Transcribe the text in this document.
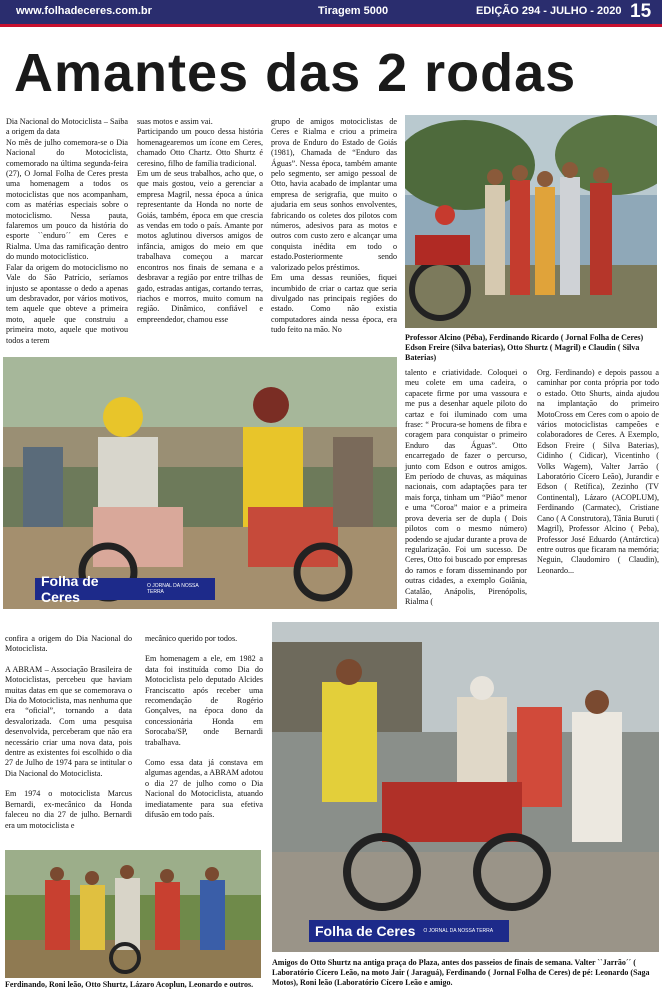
www.folhadeceres.com.br	Tiragem 5000	EDIÇÃO 294 - JULHO - 2020 15
Amantes das 2 rodas

Dia Nacional do Motociclista – Saiba a origem da data

No mês de julho comemora-se o Dia Nacional do Motociclista, comemorado na última segunda-feira (27), O Jornal Folha de Ceres presta uma homenagem a todos os motociclistas que nos acompanham, com as matérias especiais sobre o motociclismo. Nessa pauta, falaremos um pouco da história do esporte ``enduro´´ em Ceres e Rialma. Uma das ramificação dentro do mundo motociclístico.

Falar da origem do motociclismo no Vale do São Patrício, seríamos injusto se apontasse o dedo a apenas um desbravador, por vários motivos, tem aquele que obteve a primeira moto, aquele que construiu a primeira moto, aquele que motivou todos a terem

suas motos e assim vai.

Participando um pouco dessa história homenagearemos um ícone em Ceres, chamado Otto Chartz. Otto Shurtz é ceresino, filho de família tradicional.

Em um de seus trabalhos, acho que, o que mais gostou, veio a gerenciar a empresa Magril, nessa época a única representante da Honda no norte de Goiás, também, época em que crescia as vendas em todo o país. Amante por motos aglutinou diversos amigos de infância, amigos do meio em que trabalhava começou a marcar encontros nos finais de semana e a desbravar a região por entre trilhas de gado, estradas antigas, cortando terras, riachos e morros, muito comum na região. Dinâmico, confiável e empreendedor, chamou esse

grupo de amigos motociclistas de Ceres e Rialma e criou a primeira prova de Enduro do Estado de Goiás (1981), Chamada de “Enduro das Águas”. Nessa época, também amante pelo segmento, ser amigo pessoal de Otto, havia acabado de implantar uma empresa de serigrafia, que muito o ajudaria em seus sonhos envolventes, fabricando os coletes dos pilotos com números, adesivos para as motos e outros com custo zero e alcançar uma conquista inédita em todo o estado.Posteriormente sendo valorizado pelos préstimos.

Em uma dessas reuniões, fiquei incumbido de criar o cartaz que seria divulgado nas principais regiões do estado. Como não existia computadores ainda nessa época, era tudo feito na mão. No

Professor Alcino (Péba), Ferdinando Ricardo ( Jornal Folha de Ceres) Edson Freire (Silva baterias), Otto Shurtz ( Magril) e Claudin ( Silva Baterias)
Folha de Ceres
O JORNAL DA NOSSA TERRA

talento e criatividade. Coloquei o meu colete em uma cadeira, o capacete firme por uma vassoura e me pus a desenhar aquele piloto do cartaz e foi iluminado com uma frase: “ Procura-se homens de fibra e coragem para conquistar o primeiro Enduro das Águas”. Otto encarregado de fazer o percurso, junto com Edson e outros amigos. Em período de chuvas, as máquinas nacionais, com adaptações para ter mais força, tinham um “Pião” menor e uma “Coroa” maior e a primeira prova deveria ser de dupla ( Dois pilotos com o mesmo número) podendo se ajudar durante a prova de regularização. Foi um sucesso. De Ceres, Otto foi buscado por empresas do ramos e foram disseminando por outras cidades, a exemplo Goiânia, Catalão, Anápolis, Pirenópolis, Rialma (

Org. Ferdinando) e depois passou a caminhar por conta própria por todo o estado. Otto Shurts, ainda ajudou na implantação do primeiro MotoCross em Ceres com o apoio de vários motociclistas campeões e colaboradores de Ceres. A Exemplo, Edson Freire ( Silva Baterias), Cidinho ( Cidicar), Vicentinho ( Volks Wagem), Valter Jarrão ( Laboratório Cícero Leão), Jurandir e Edson ( Retífica), Zezinho (TV Continental), Lázaro (ACOPLUM), Ferdinando (Carmatec), Cristiane Cano ( A Construtora), Tânia Buruti ( Magril), Professor Alcino ( Peba), Professor José Eduardo (Antárctica) entre outros que ficaram na memória; Neguin, Claudomiro ( Claudin), Leonardo...

confira a origem do Dia Nacional do Motociclista.

A ABRAM – Associação Brasileira de Motociclistas, percebeu que haviam muitas datas em que se comemorava o Dia do Motociclista, mas nenhuma que era “oficial”, tornando a data desvalorizada. Com uma pesquisa desenvolvida, perceberam que não era necessário criar uma nova data, pois dentre as existentes foi escolhido o dia 27 de Julho de 1974 para se intitular o Dia Nacional do Motociclista.

Em 1974 o motociclista Marcus Bernardi, ex-mecânico da Honda faleceu no dia 27 de julho. Bernardi era um motociclista e

mecânico querido por todos.

Em homenagem a ele, em 1982 a data foi instituída como Dia do Motociclista pelo deputado Alcides Franciscatto após receber uma recomendação de Rogério Gonçalves, na época dono da concessionária Honda em Sorocaba/SP, onde Bernardi trabalhava.

Como essa data já constava em algumas agendas, a ABRAM adotou o dia 27 de julho como o Dia Nacional do Motociclista, atuando imediatamente para sua efetiva difusão em todo país.

Folha de Ceres O JORNAL DA NOSSA TERRA
Amigos do Otto Shurtz na antiga praça do Plaza, antes dos passeios de finais de semana. Valter ``Jarrão´´ ( Laboratório Cícero Leão, na moto Jair ( Jaraguá), Ferdinando ( Jornal Folha de Ceres) de pé: Leonardo (Saga Motos), Roni leão (Laboratório Cícero Leão e amigo.
Ferdinando, Roni leão, Otto Shurtz, Lázaro Acoplun, Leonardo e outros.
